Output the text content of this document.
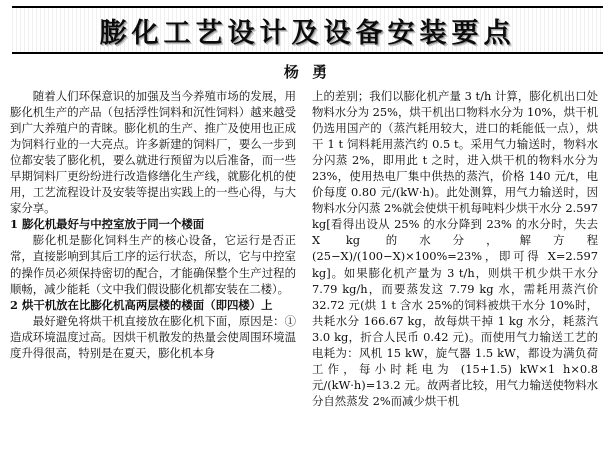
膨化工艺设计及设备安装要点
杨 勇

随着人们环保意识的加强及当今养殖市场的发展，用膨化机生产的产品（包括浮性饲料和沉性饲料）越来越受到广大养殖户的青睐。膨化机的生产、推广及使用也正成为饲料行业的一大亮点。许多新建的饲料厂，要么一步到位都安装了膨化机，要么就进行预留为以后准备，而一些早期饲料厂更纷纷进行改造修缮化生产线，就膨化机的使用，工艺流程设计及安装等提出实践上的一些心得，与大家分享。

1 膨化机最好与中控室放于同一个楼面

膨化机是膨化饲料生产的核心设备，它运行是否正常，直接影响到其后工序的运行状态，所以，它与中控室的操作员必须保持密切的配合，才能确保整个生产过程的顺畅，减少能耗（文中我们假设膨化机都安装在二楼）。

2 烘干机放在比膨化机高两层楼的楼面（即四楼）上

最好避免将烘干机直接放在膨化机下面，原因是：①造成环境温度过高。因烘干机散发的热量会使周围环境温度升得很高，特别是在夏天，膨化机本身

上的差别；我们以膨化机产量 3 t/h 计算，膨化机出口处物料水分为 25%，烘干机出口物料水分为 10%，烘干机仍选用国产的（蒸汽耗用较大，进口的耗能低一点），烘干 1 t 饲料耗用蒸汽约 0.5 t。采用气力输送时，物料水分闪蒸 2%，即用此 t 之时，进入烘干机的物料水分为 23%，使用热电厂集中供热的蒸汽，价格 140 元/t，电价每度 0.80 元/(kW·h)。此处测算，用气力输送时，因物料水分闪蒸 2%就会使烘干机每吨料少烘干水分 2.597 kg[看得出设从 25% 的水分降到 23% 的水分时，失去 X kg 的水分，解方程(25−X)/(100−X)×100%=23%，即可得 X=2.597 kg]。如果膨化机产量为 3 t/h，则烘干机少烘干水分 7.79 kg/h，而要蒸发这 7.79 kg 水，需耗用蒸汽价 32.72 元(烘 1 t 含水 25%的饲料被烘干水分 10%时，共耗水分 166.67 kg，故每烘干掉 1 kg 水分，耗蒸汽 3.0 kg，折合人民币 0.42 元)。而使用气力输送工艺的电耗为：风机 15 kW，旋气器 1.5 kW，都设为满负荷工作，每小时耗电为 (15+1.5) kW×1 h×0.8 元/(kW·h)=13.2 元。故两者比较，用气力输送使物料水分自然蒸发 2%而减少烘干机
